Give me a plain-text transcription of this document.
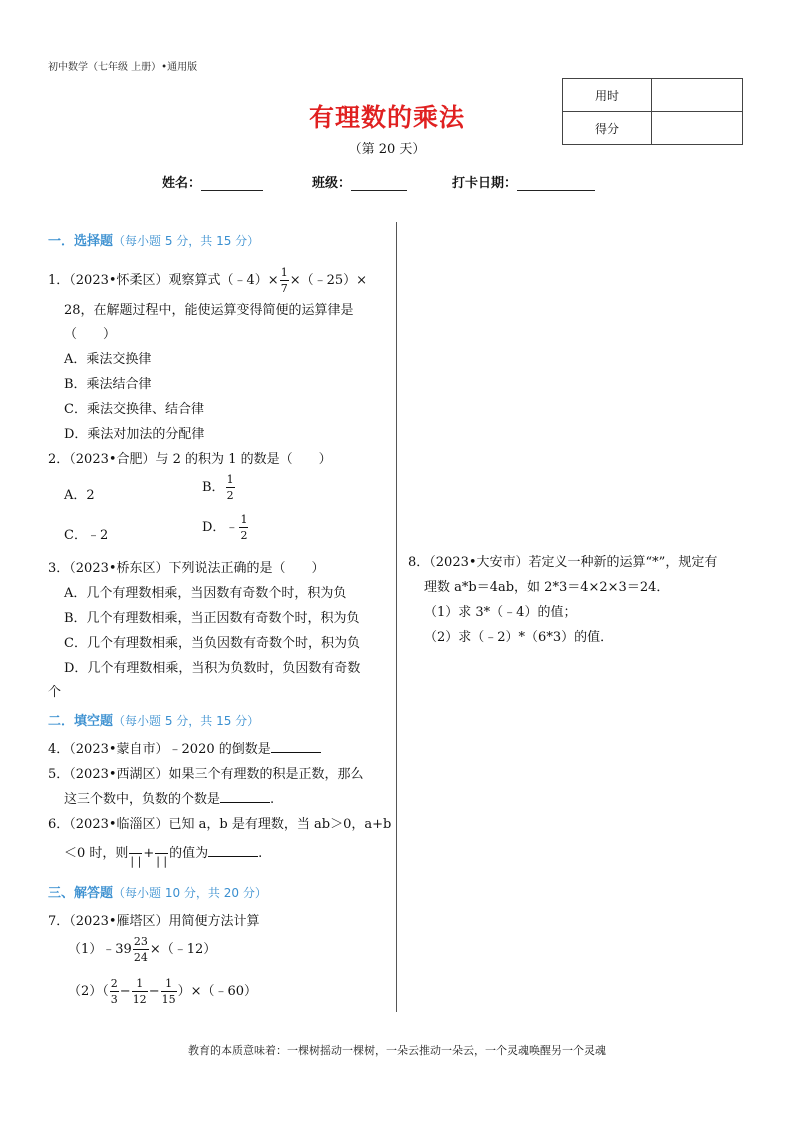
初中数学（七年级 上册）•通用版
有理数的乘法
（第 20 天）
用时	
得分	
姓名：	班级：	打卡日期：
一．选择题（每小题 5 分，共 15 分）
1．（2023•怀柔区）观察算式（﹣4）× $\frac{1}{7}$ ×（﹣25）×
28，在解题过程中，能使运算变得简便的运算律是
（　　）
A．乘法交换律
B．乘法结合律
C．乘法交换律、结合律
D．乘法对加法的分配律
2．（2023•合肥）与 2 的积为 1 的数是（　　）
A．2
B． $\frac{1}{2}$
C．﹣2
D．﹣ $\frac{1}{2}$
3．（2023•桥东区）下列说法正确的是（　　）
A．几个有理数相乘，当因数有奇数个时，积为负
B．几个有理数相乘，当正因数有奇数个时，积为负
C．几个有理数相乘，当负因数有奇数个时，积为负
D．几个有理数相乘，当积为负数时，负因数有奇数
个
二．填空题（每小题 5 分，共 15 分）
4．（2023•蒙自市）﹣2020 的倒数是
5．（2023•西湖区）如果三个有理数的积是正数，那么
这三个数中，负数的个数是	.
6．（2023•临淄区）已知 a，b 是有理数，当 ab＞0，a+b
＜0 时，则

| |
+

| |
的值为	.
三、解答题（每小题 10 分，共 20 分）
7．（2023•雁塔区）用简便方法计算
（1）﹣39 $\frac{23}{24}$ ×（﹣12）
$(2)( \frac{2}{3} - \frac{1}{12} - \frac{1}{15}$ ）×（﹣60）
8．（2023•大安市）若定义一种新的运算“*”，规定有
理数 a*b＝4ab，如 2*3＝4×2×3＝24．
（1）求 3*（﹣4）的值；
（2）求（﹣2）*（6*3）的值．
教育的本质意味着：一棵树摇动一棵树，一朵云推动一朵云，一个灵魂唤醒另一个灵魂
